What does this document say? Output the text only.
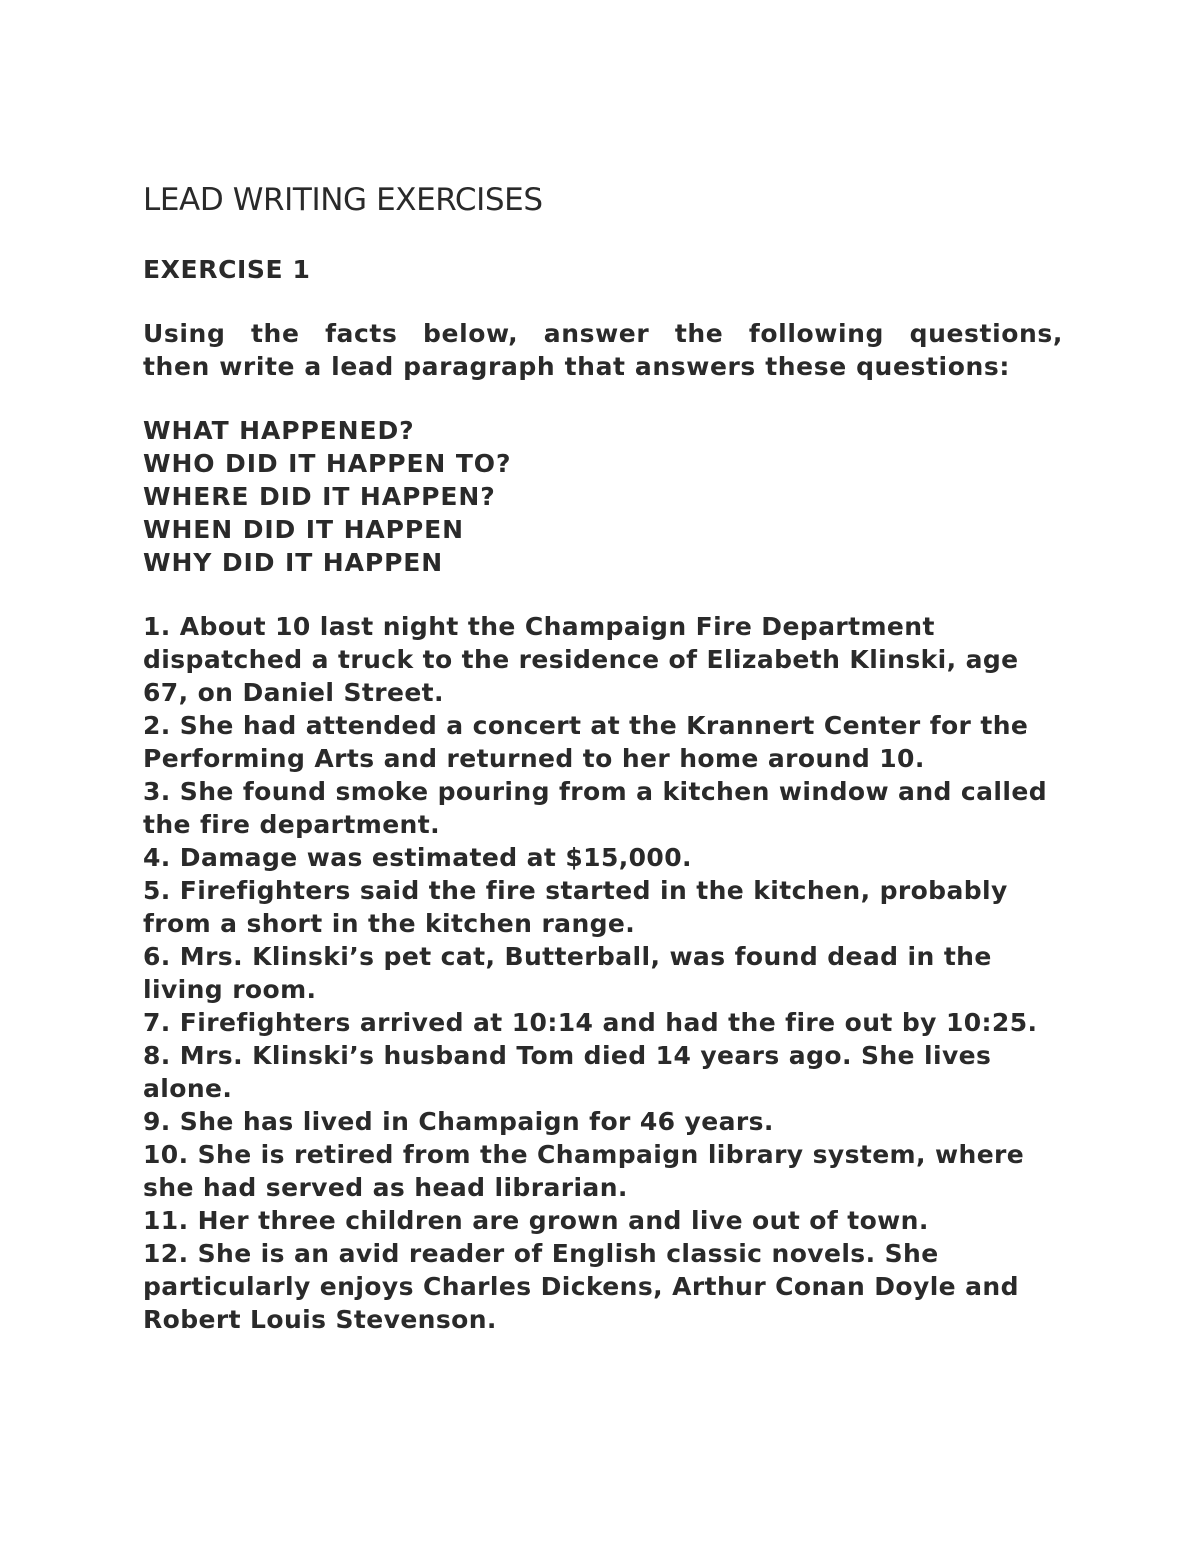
LEAD WRITING EXERCISES
EXERCISE 1

Using the facts below, answer the following questions,
then write a lead paragraph that answers these questions:

WHAT HAPPENED?
WHO DID IT HAPPEN TO?
WHERE DID IT HAPPEN?
WHEN DID IT HAPPEN
WHY DID IT HAPPEN
1. About 10 last night the Champaign Fire Department dispatched a truck to the residence of Elizabeth Klinski, age 67, on Daniel Street.
2. She had attended a concert at the Krannert Center for the Performing Arts and returned to her home around 10.
3. She found smoke pouring from a kitchen window and called the fire department.
4. Damage was estimated at $15,000.
5. Firefighters said the fire started in the kitchen, probably from a short in the kitchen range.
6. Mrs. Klinski’s pet cat, Butterball, was found dead in the living room.
7. Firefighters arrived at 10:14 and had the fire out by 10:25.
8. Mrs. Klinski’s husband Tom died 14 years ago. She lives alone.
9. She has lived in Champaign for 46 years.
10. She is retired from the Champaign library system, where she had served as head librarian.
11. Her three children are grown and live out of town.
12. She is an avid reader of English classic novels. She particularly enjoys Charles Dickens, Arthur Conan Doyle and Robert Louis Stevenson.
